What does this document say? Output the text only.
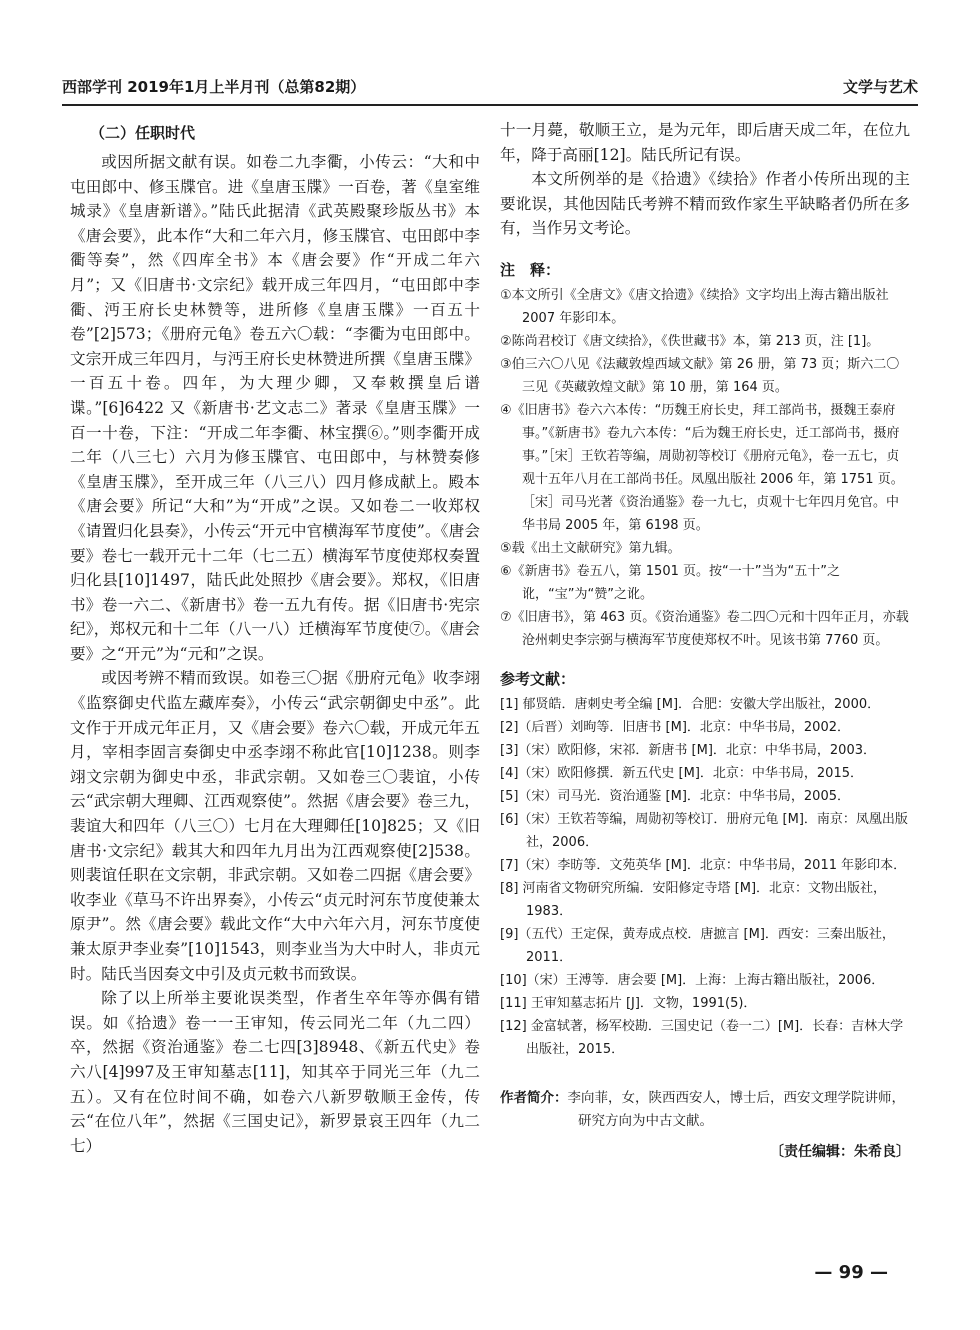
西部学刊 2019年1月上半月刊（总第82期）	文学与艺术
（二）任职时代

或因所据文献有误。如卷二九李衢，小传云：“大和中屯田郎中、修玉牒官。进《皇唐玉牒》一百卷，著《皇室维城录》《皇唐新谱》。”陆氏此据清《武英殿聚珍版丛书》本《唐会要》，此本作“大和二年六月，修玉牒官、屯田郎中李衢等奏”，然《四库全书》本《唐会要》作“开成二年六月”；又《旧唐书·文宗纪》载开成三年四月，“屯田郎中李衢、沔王府长史林赞等，进所修《皇唐玉牒》一百五十卷”[2]573；《册府元龟》卷五六〇载：“李衢为屯田郎中。文宗开成三年四月，与沔王府长史林赞进所撰《皇唐玉牒》一百五十卷。四年，为大理少卿，又奉敕撰皇后谱谍。”[6]6422 又《新唐书·艺文志二》著录《皇唐玉牒》一百一十卷，下注：“开成二年李衢、林宝撰⑥。”则李衢开成二年（八三七）六月为修玉牒官、屯田郎中，与林赞奏修《皇唐玉牒》，至开成三年（八三八）四月修成献上。殿本《唐会要》所记“大和”为“开成”之误。又如卷二一收郑权《请置归化县奏》，小传云“开元中官横海军节度使”。《唐会要》卷七一载开元十二年（七二五）横海军节度使郑权奏置归化县[10]1497，陆氏此处照抄《唐会要》。郑权，《旧唐书》卷一六二、《新唐书》卷一五九有传。据《旧唐书·宪宗纪》，郑权元和十二年（八一八）迁横海军节度使⑦。《唐会要》之“开元”为“元和”之误。

或因考辨不精而致误。如卷三〇据《册府元龟》收李翊《监察御史代监左藏库奏》，小传云“武宗朝御史中丞”。此文作于开成元年正月，又《唐会要》卷六〇载，开成元年五月，宰相李固言奏御史中丞李翊不称此官[10]1238。则李翊文宗朝为御史中丞，非武宗朝。又如卷三〇裴谊，小传云“武宗朝大理卿、江西观察使”。然据《唐会要》卷三九，裴谊大和四年（八三〇）七月在大理卿任[10]825；又《旧唐书·文宗纪》载其大和四年九月出为江西观察使[2]538。则裴谊任职在文宗朝，非武宗朝。又如卷二四据《唐会要》收李业《草马不许出界奏》，小传云“贞元时河东节度使兼太原尹”。然《唐会要》载此文作“大中六年六月，河东节度使兼太原尹李业奏”[10]1543，则李业当为大中时人，非贞元时。陆氏当因奏文中引及贞元敕书而致误。

除了以上所举主要讹误类型，作者生卒年等亦偶有错误。如《拾遗》卷一一王审知，传云同光二年（九二四）卒，然据《资治通鉴》卷二七四[3]8948、《新五代史》卷六八[4]997及王审知墓志[11]，知其卒于同光三年（九二五）。又有在位时间不确，如卷六八新罗敬顺王金传，传云“在位八年”，然据《三国史记》，新罗景哀王四年（九二七）

十一月薨，敬顺王立，是为元年，即后唐天成二年，在位九年，降于高丽[12]。陆氏所记有误。

本文所例举的是《拾遗》《续拾》作者小传所出现的主要讹误，其他因陆氏考辨不精而致作家生平缺略者仍所在多有，当作另文考论。

注　释：
①本文所引《全唐文》《唐文拾遗》《续拾》文字均出上海古籍出版社 2007 年影印本。
②陈尚君校订《唐文续拾》，《佚世藏书》本，第 213 页，注 [1]。
③伯三六〇八见《法藏敦煌西域文献》第 26 册，第 73 页；斯六二〇三见《英藏敦煌文献》第 10 册，第 164 页。
④《旧唐书》卷六六本传：“历魏王府长史，拜工部尚书，摄魏王泰府事。”《新唐书》卷九六本传：“后为魏王府长史，迁工部尚书，摄府事。”［宋］王钦若等编，周勋初等校订《册府元龟》，卷一五七，贞观十五年八月在工部尚书任。凤凰出版社 2006 年，第 1751 页。［宋］司马光著《资治通鉴》卷一九七，贞观十七年四月免官。中华书局 2005 年，第 6198 页。
⑤载《出土文献研究》第九辑。
⑥《新唐书》卷五八，第 1501 页。按“一十”当为“五十”之讹，“宝”为“赞”之讹。
⑦《旧唐书》，第 463 页。《资治通鉴》卷二四〇元和十四年正月，亦载沧州刺史李宗弼与横海军节度使郑权不叶。见该书第 7760 页。
参考文献：
[1] 郁贤皓．唐刺史考全编 [M]．合肥：安徽大学出版社，2000．
[2]（后晋）刘昫等．旧唐书 [M]．北京：中华书局，2002．
[3]（宋）欧阳修，宋祁．新唐书 [M]．北京：中华书局，2003．
[4]（宋）欧阳修撰．新五代史 [M]．北京：中华书局，2015．
[5]（宋）司马光．资治通鉴 [M]．北京：中华书局，2005．
[6]（宋）王钦若等编，周勋初等校订．册府元龟 [M]．南京：凤凰出版社，2006．
[7]（宋）李昉等．文苑英华 [M]．北京：中华书局，2011 年影印本．
[8] 河南省文物研究所编．安阳修定寺塔 [M]．北京：文物出版社，1983．
[9]（五代）王定保，黄寿成点校．唐摭言 [M]．西安：三秦出版社，2011．
[10]（宋）王溥等．唐会要 [M]．上海：上海古籍出版社，2006．
[11] 王审知墓志拓片 [J]．文物，1991(5)．
[12] 金富轼著，杨军校勘．三国史记（卷一二）[M]．长春：吉林大学出版社，2015．
作者简介：李向菲，女，陕西西安人，博士后，西安文理学院讲师，研究方向为中古文献。
〔责任编辑：朱希良〕
— 99 —
